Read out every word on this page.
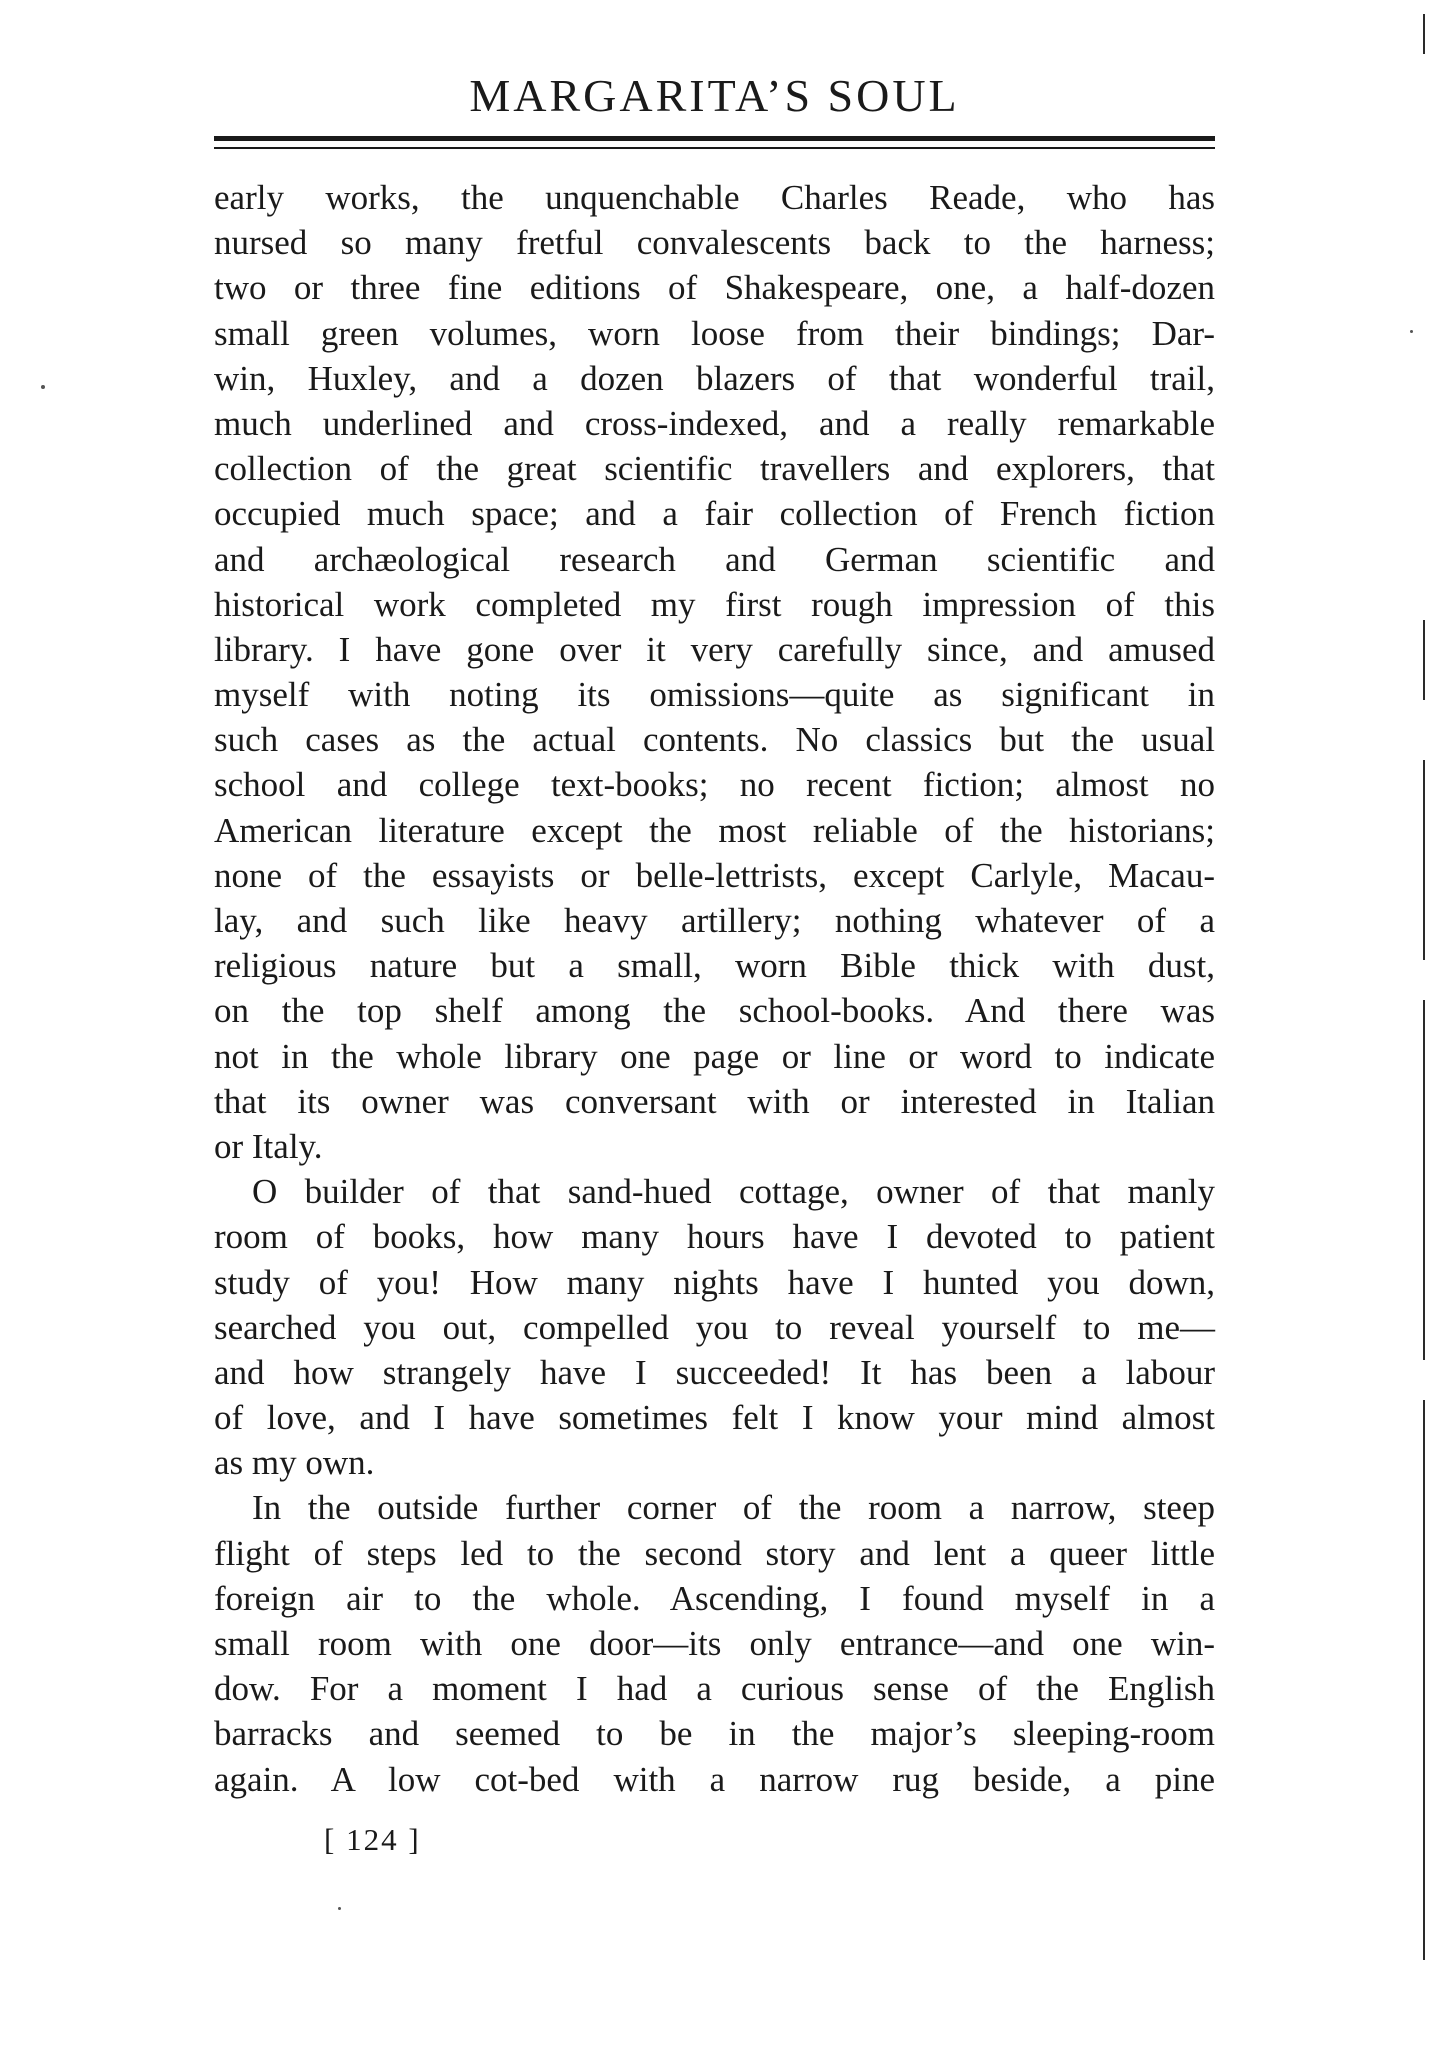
MARGARITA’S SOUL
early works, the unquenchable Charles Reade, who has
nursed so many fretful convalescents back to the harness;
two or three fine editions of Shakespeare, one, a half-dozen
small green volumes, worn loose from their bindings; Dar-
win, Huxley, and a dozen blazers of that wonderful trail,
much underlined and cross-indexed, and a really remarkable
collection of the great scientific travellers and explorers, that
occupied much space; and a fair collection of French fiction
and archæological research and German scientific and
historical work completed my first rough impression of this
library. I have gone over it very carefully since, and amused
myself with noting its omissions—quite as significant in
such cases as the actual contents. No classics but the usual
school and college text-books; no recent fiction; almost no
American literature except the most reliable of the historians;
none of the essayists or belle-lettrists, except Carlyle, Macau-
lay, and such like heavy artillery; nothing whatever of a
religious nature but a small, worn Bible thick with dust,
on the top shelf among the school-books. And there was
not in the whole library one page or line or word to indicate
that its owner was conversant with or interested in Italian
or Italy.
O builder of that sand-hued cottage, owner of that manly
room of books, how many hours have I devoted to patient
study of you! How many nights have I hunted you down,
searched you out, compelled you to reveal yourself to me—
and how strangely have I succeeded! It has been a labour
of love, and I have sometimes felt I know your mind almost
as my own.
In the outside further corner of the room a narrow, steep
flight of steps led to the second story and lent a queer little
foreign air to the whole. Ascending, I found myself in a
small room with one door—its only entrance—and one win-
dow. For a moment I had a curious sense of the English
barracks and seemed to be in the major’s sleeping-room
again. A low cot-bed with a narrow rug beside, a pine
[ 124 ]
